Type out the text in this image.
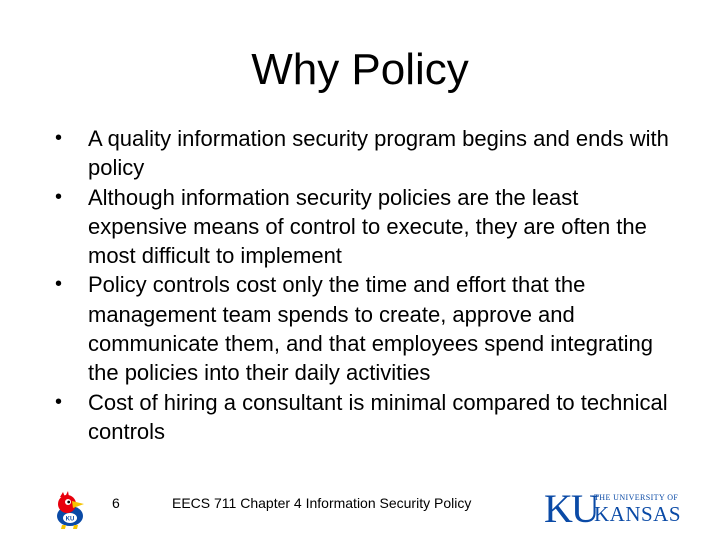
Why Policy
•	A quality information security program begins and ends with policy
•	Although information security policies are the least expensive means of control to execute, they are often the most difficult to implement
•	Policy controls cost only the time and effort that the management team spends to create, approve and communicate them, and that employees spend integrating the policies into their daily activities
•	Cost of hiring a consultant is minimal compared to technical controls
KU
6	EECS 711 Chapter 4 Information Security Policy KU
THE UNIVERSITY OF
KANSAS
